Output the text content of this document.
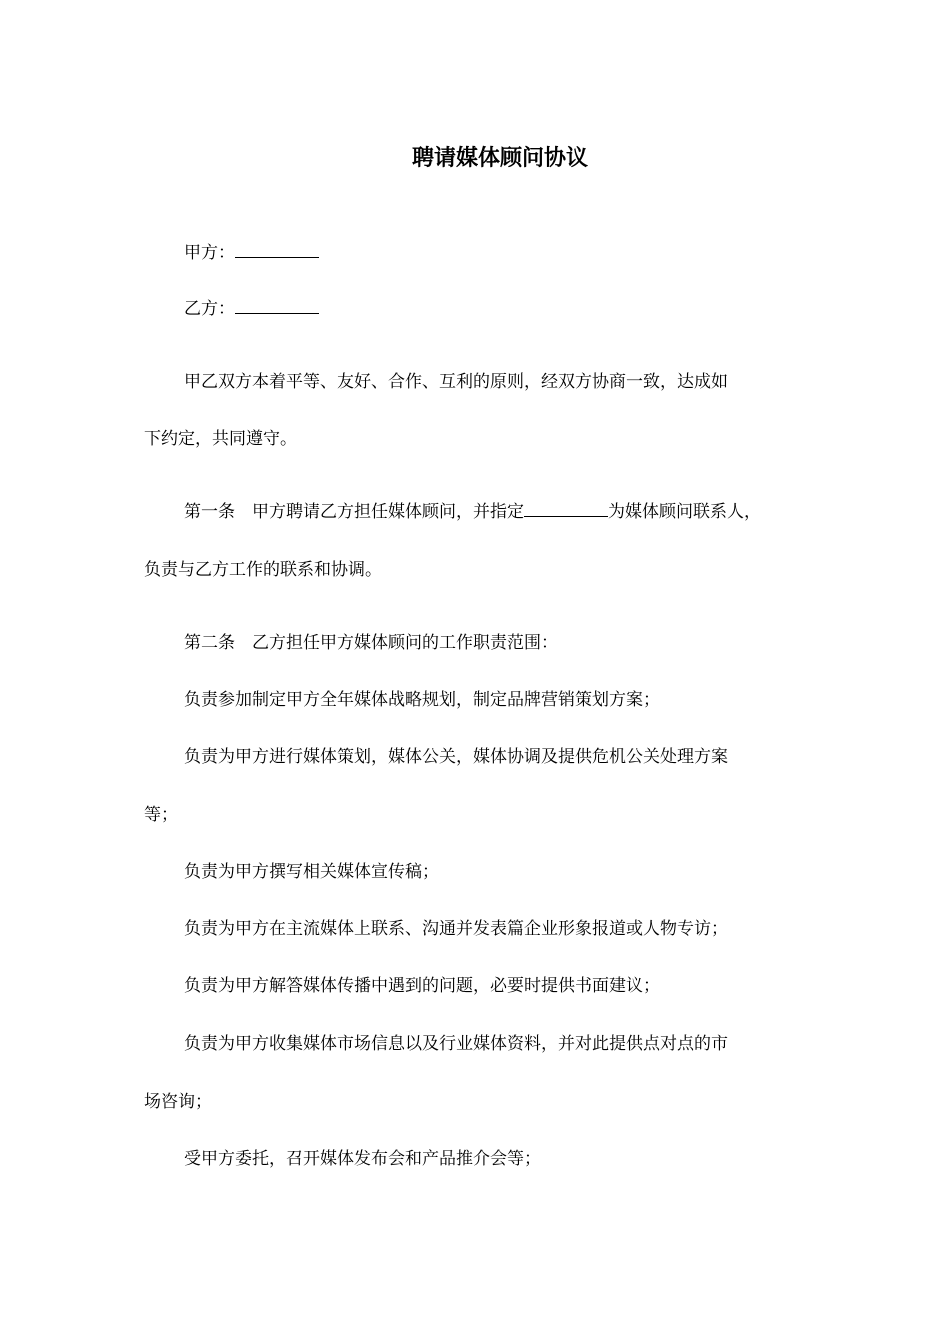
聘请媒体顾问协议
甲方：
乙方：
甲乙双方本着平等、友好、合作、互利的原则，经双方协商一致，达成如
下约定，共同遵守。
第一条　甲方聘请乙方担任媒体顾问，并指定	为媒体顾问联系人，
负责与乙方工作的联系和协调。
第二条　乙方担任甲方媒体顾问的工作职责范围：
负责参加制定甲方全年媒体战略规划，制定品牌营销策划方案；
负责为甲方进行媒体策划，媒体公关，媒体协调及提供危机公关处理方案
等；
负责为甲方撰写相关媒体宣传稿；
负责为甲方在主流媒体上联系、沟通并发表篇企业形象报道或人物专访；
负责为甲方解答媒体传播中遇到的问题，必要时提供书面建议；
负责为甲方收集媒体市场信息以及行业媒体资料，并对此提供点对点的市
场咨询；
受甲方委托，召开媒体发布会和产品推介会等；
